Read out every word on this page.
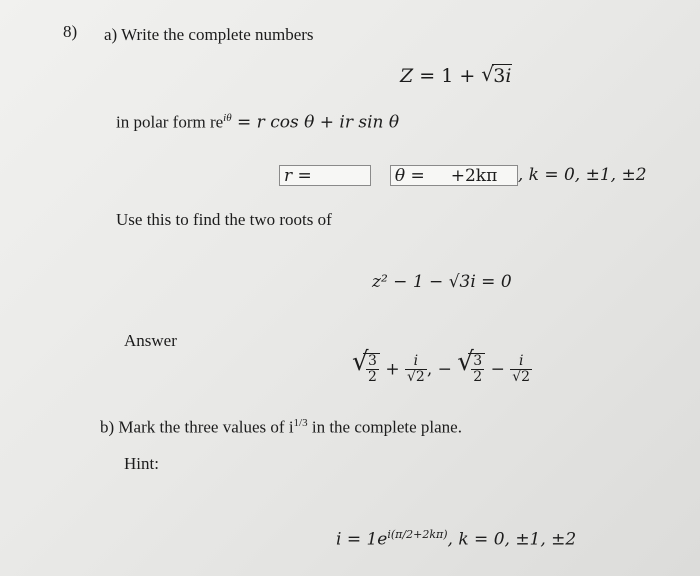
8) a) Write the complete numbers
Z = 1 + √ 3i
in polar form $re^{i\theta} = r$ cos θ + ir sin θ
r =	θ = +2kπ , k = 0, ±1, ±2
Use this to find the two roots of
z² − 1 − √3i = 0
Answer
√
$\frac{3}{2} + \frac{i}{√2}$ , − √
$\frac{3}{2} - \frac{i}{√2}$
b) Mark the three values of $i^{1/3}$ in the complete plane.
Hint:
$i = 1e^{i(\pi/2+2k\pi)}$, k = 0, ±1, ±2
